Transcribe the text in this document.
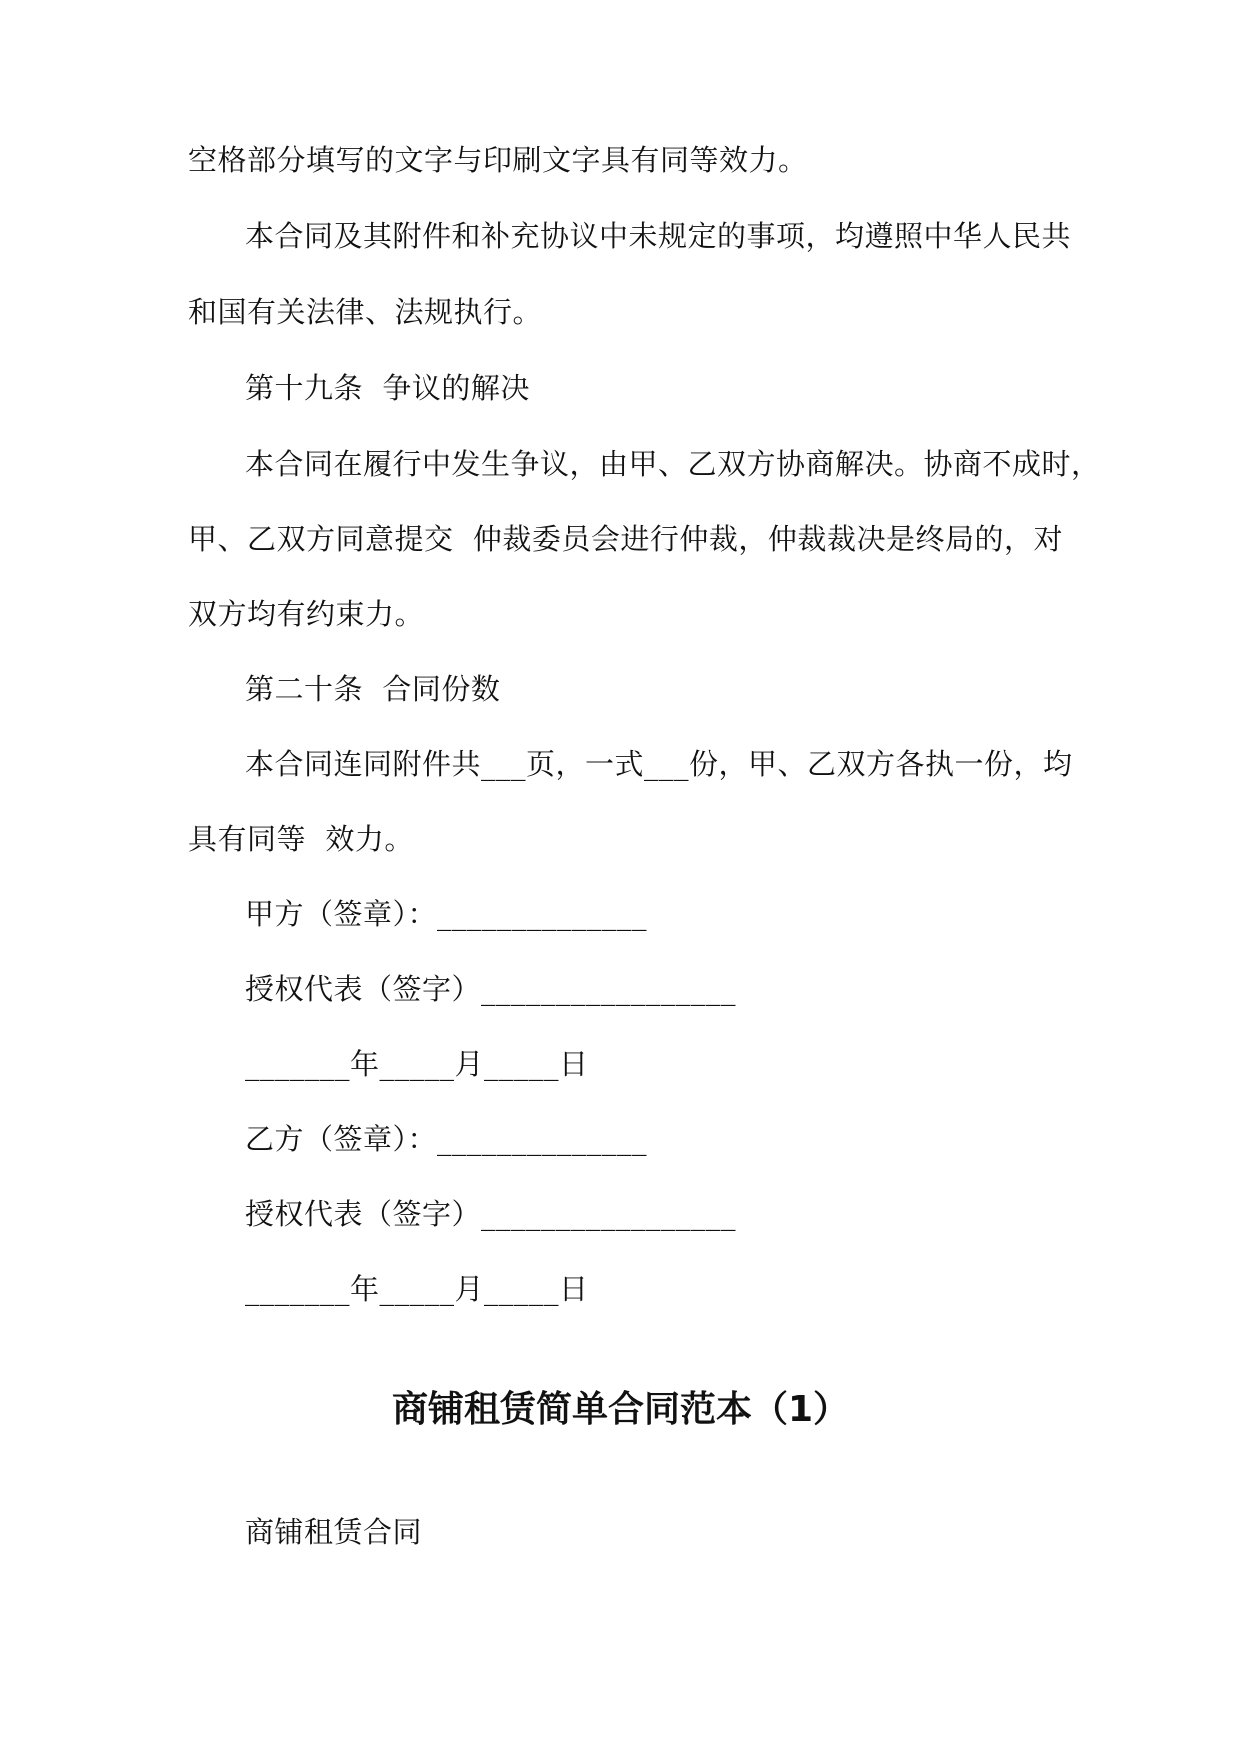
空格部分填写的文字与印刷文字具有同等效力。
本合同及其附件和补充协议中未规定的事项，均遵照中华人民共
和国有关法律、法规执行。
第十九条  争议的解决
本合同在履行中发生争议，由甲、乙双方协商解决。协商不成时，
甲、乙双方同意提交  仲裁委员会进行仲裁，仲裁裁决是终局的，对
双方均有约束力。
第二十条  合同份数
本合同连同附件共___页，一式___份，甲、乙双方各执一份，均
具有同等  效力。
甲方（签章）：______________
授权代表（签字）_________________
_______年_____月_____日
乙方（签章）：______________
授权代表（签字）_________________
_______年_____月_____日
商铺租赁简单合同范本（1）
商铺租赁合同
